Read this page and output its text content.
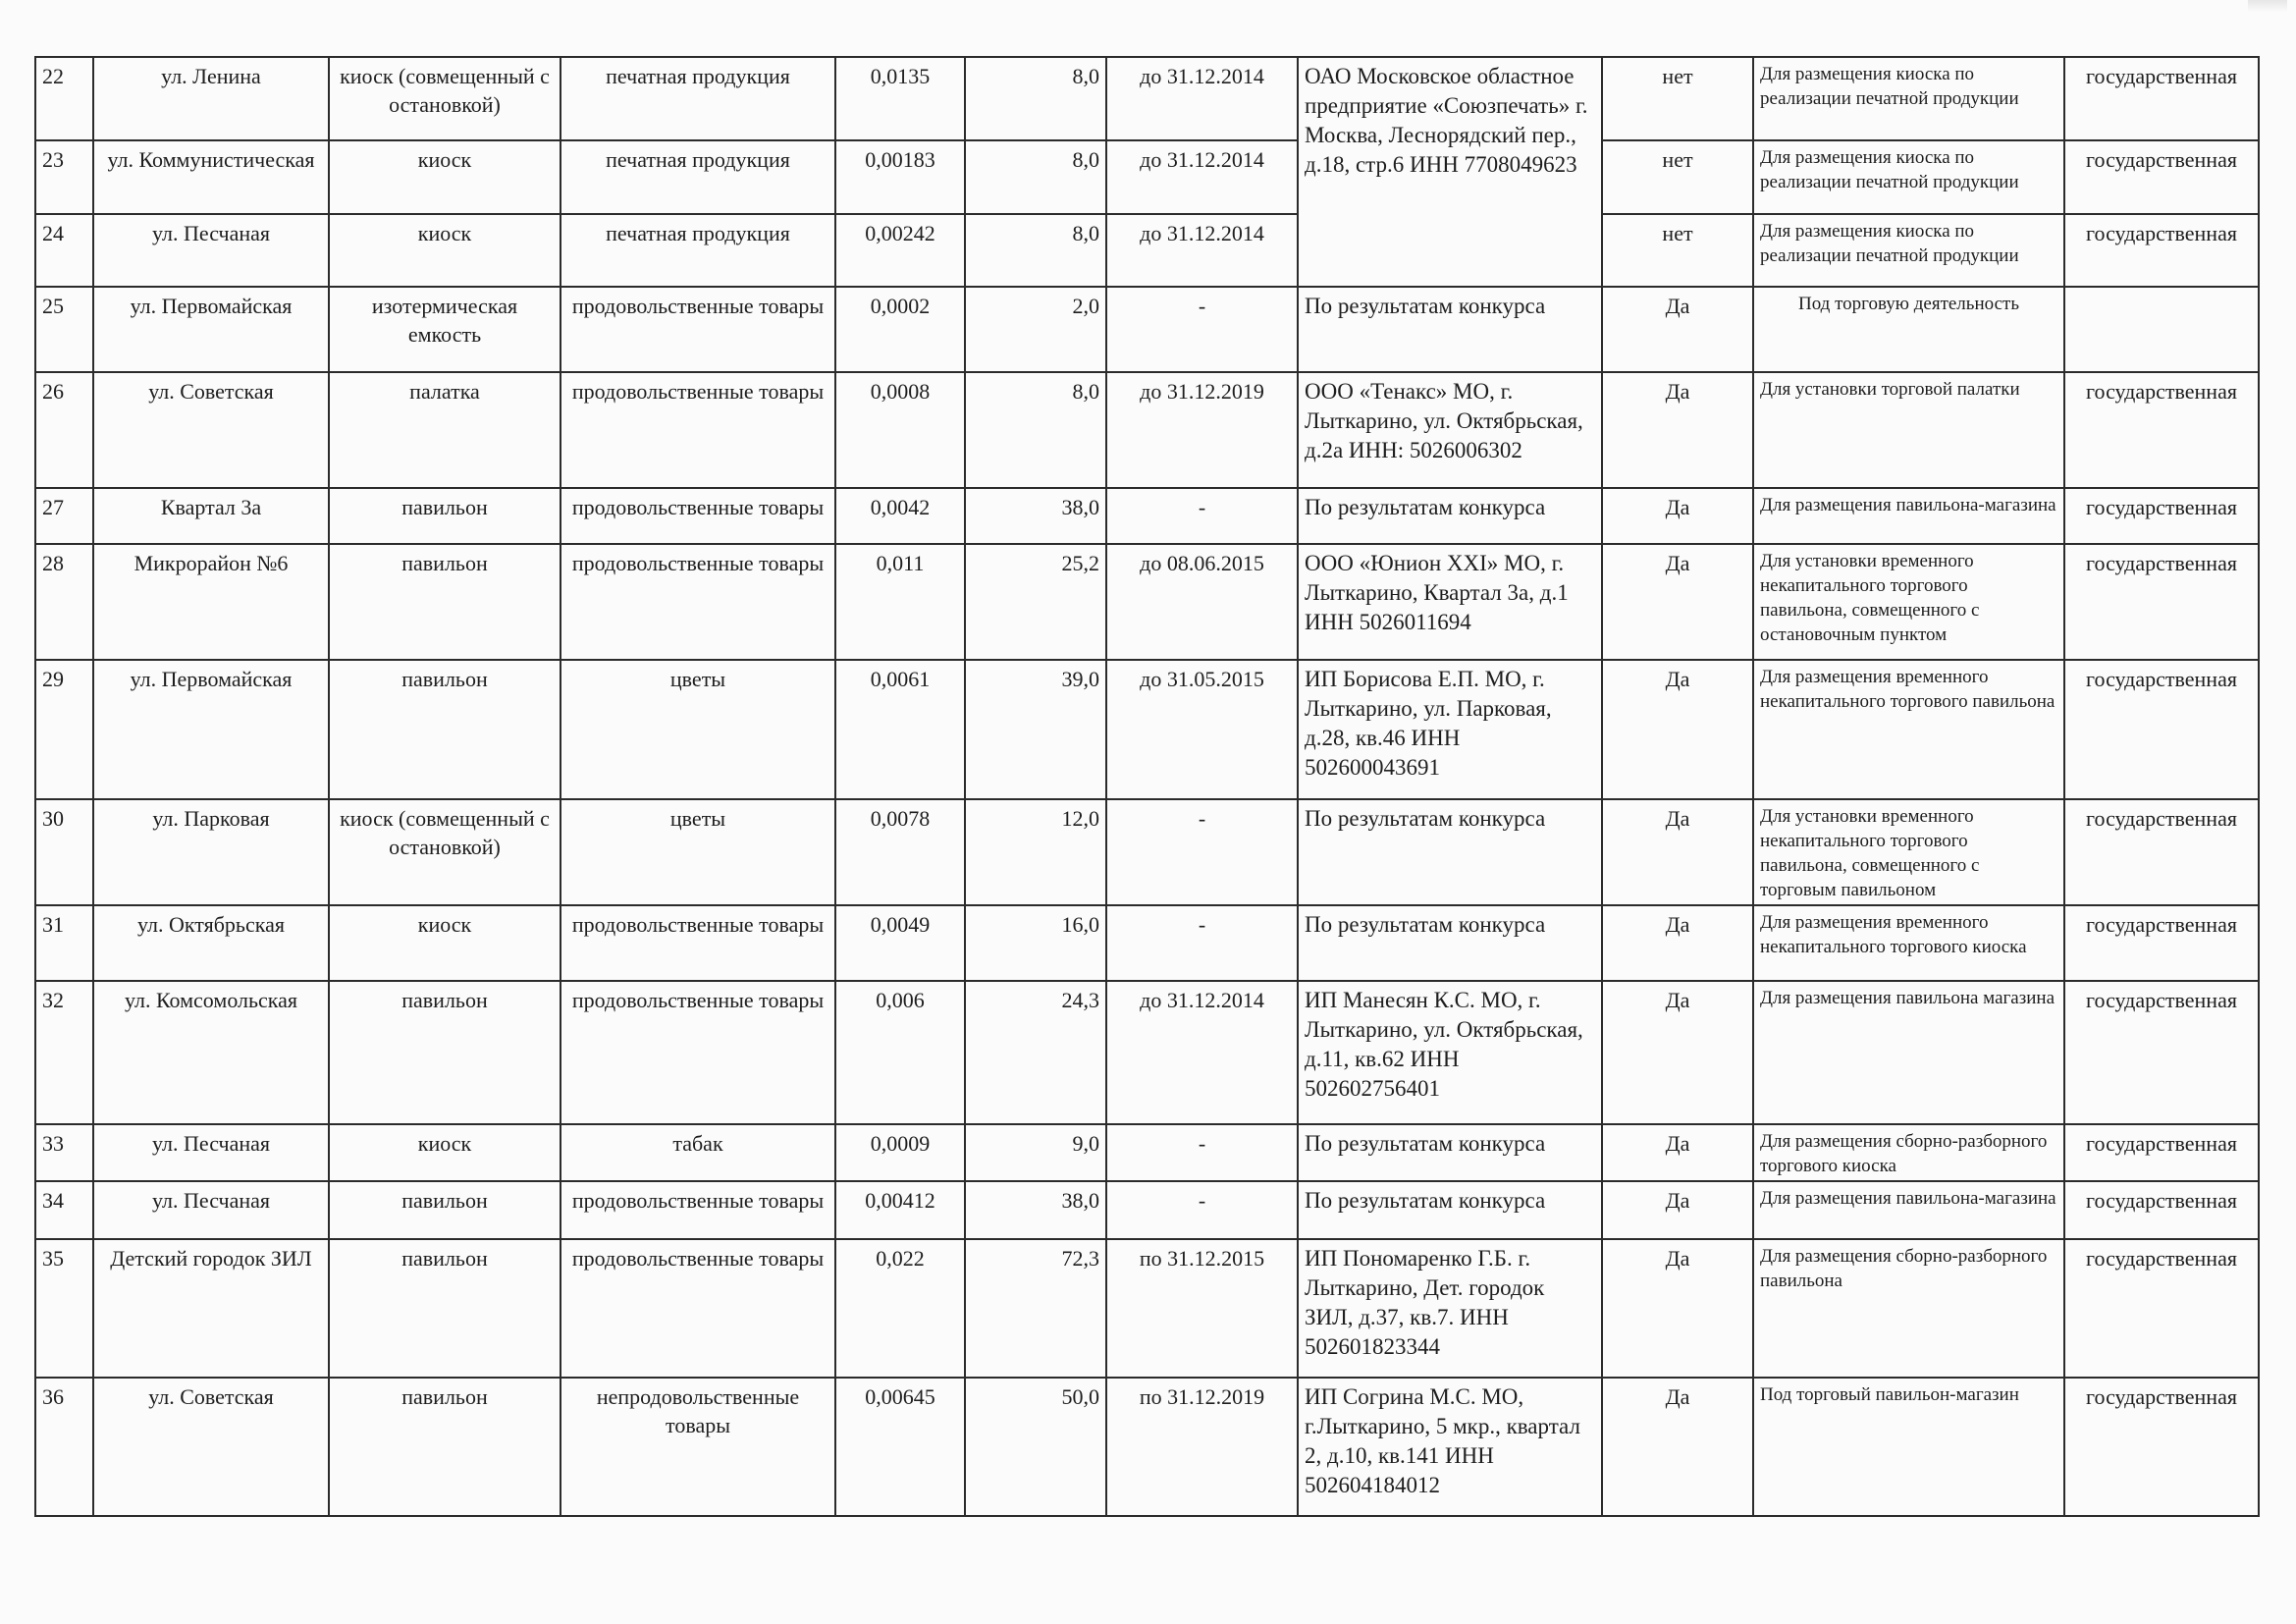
22	ул. Ленина	киоск (совмещенный с остановкой)	печатная продукция	0,0135	8,0	до 31.12.2014	ОАО Московское областное предприятие «Союзпечать» г. Москва, Леснорядский пер., д.18, стр.6 ИНН 7708049623	нет	Для размещения киоска по реализации печатной продукции	государственная
23	ул. Коммунистическая	киоск	печатная продукция	0,00183	8,0	до 31.12.2014		нет	Для размещения киоска по реализации печатной продукции	государственная
24	ул. Песчаная	киоск	печатная продукция	0,00242	8,0	до 31.12.2014		нет	Для размещения киоска по реализации печатной продукции	государственная
25	ул. Первомайская	изотермическая емкость	продовольственные товары	0,0002	2,0	-	По результатам конкурса	Да	Под торговую деятельность	
26	ул. Советская	палатка	продовольственные товары	0,0008	8,0	до 31.12.2019	ООО «Тенакс» МО, г. Лыткарино, ул. Октябрьская, д.2а ИНН: 5026006302	Да	Для установки торговой палатки	государственная
27	Квартал 3а	павильон	продовольственные товары	0,0042	38,0	-	По результатам конкурса	Да	Для размещения павильона-магазина	государственная
28	Микрорайон №6	павильон	продовольственные товары	0,011	25,2	до 08.06.2015	ООО «Юнион XXI» МО, г. Лыткарино, Квартал 3а, д.1 ИНН 5026011694	Да	Для установки временного некапитального торгового павильона, совмещенного с остановочным пунктом	государственная
29	ул. Первомайская	павильон	цветы	0,0061	39,0	до 31.05.2015	ИП Борисова Е.П. МО, г. Лыткарино, ул. Парковая, д.28, кв.46 ИНН 502600043691	Да	Для размещения временного некапитального торгового павильона	государственная
30	ул. Парковая	киоск (совмещенный с остановкой)	цветы	0,0078	12,0	-	По результатам конкурса	Да	Для установки временного некапитального торгового павильона, совмещенного с торговым павильоном	государственная
31	ул. Октябрьская	киоск	продовольственные товары	0,0049	16,0	-	По результатам конкурса	Да	Для размещения временного некапитального торгового киоска	государственная
32	ул. Комсомольская	павильон	продовольственные товары	0,006	24,3	до 31.12.2014	ИП Манесян К.С. МО, г. Лыткарино, ул. Октябрьская, д.11, кв.62 ИНН 502602756401	Да	Для размещения павильона магазина	государственная
33	ул. Песчаная	киоск	табак	0,0009	9,0	-	По результатам конкурса	Да	Для размещения сборно-разборного торгового киоска	государственная
34	ул. Песчаная	павильон	продовольственные товары	0,00412	38,0	-	По результатам конкурса	Да	Для размещения павильона-магазина	государственная
35	Детский городок ЗИЛ	павильон	продовольственные товары	0,022	72,3	по 31.12.2015	ИП Пономаренко Г.Б. г. Лыткарино, Дет. городок ЗИЛ, д.37, кв.7. ИНН 502601823344	Да	Для размещения сборно-разборного павильона	государственная
36	ул. Советская	павильон	непродовольственные товары	0,00645	50,0	по 31.12.2019	ИП Согрина М.С. МО, г.Лыткарино, 5 мкр., квартал 2, д.10, кв.141 ИНН 502604184012	Да	Под торговый павильон-магазин	государственная
